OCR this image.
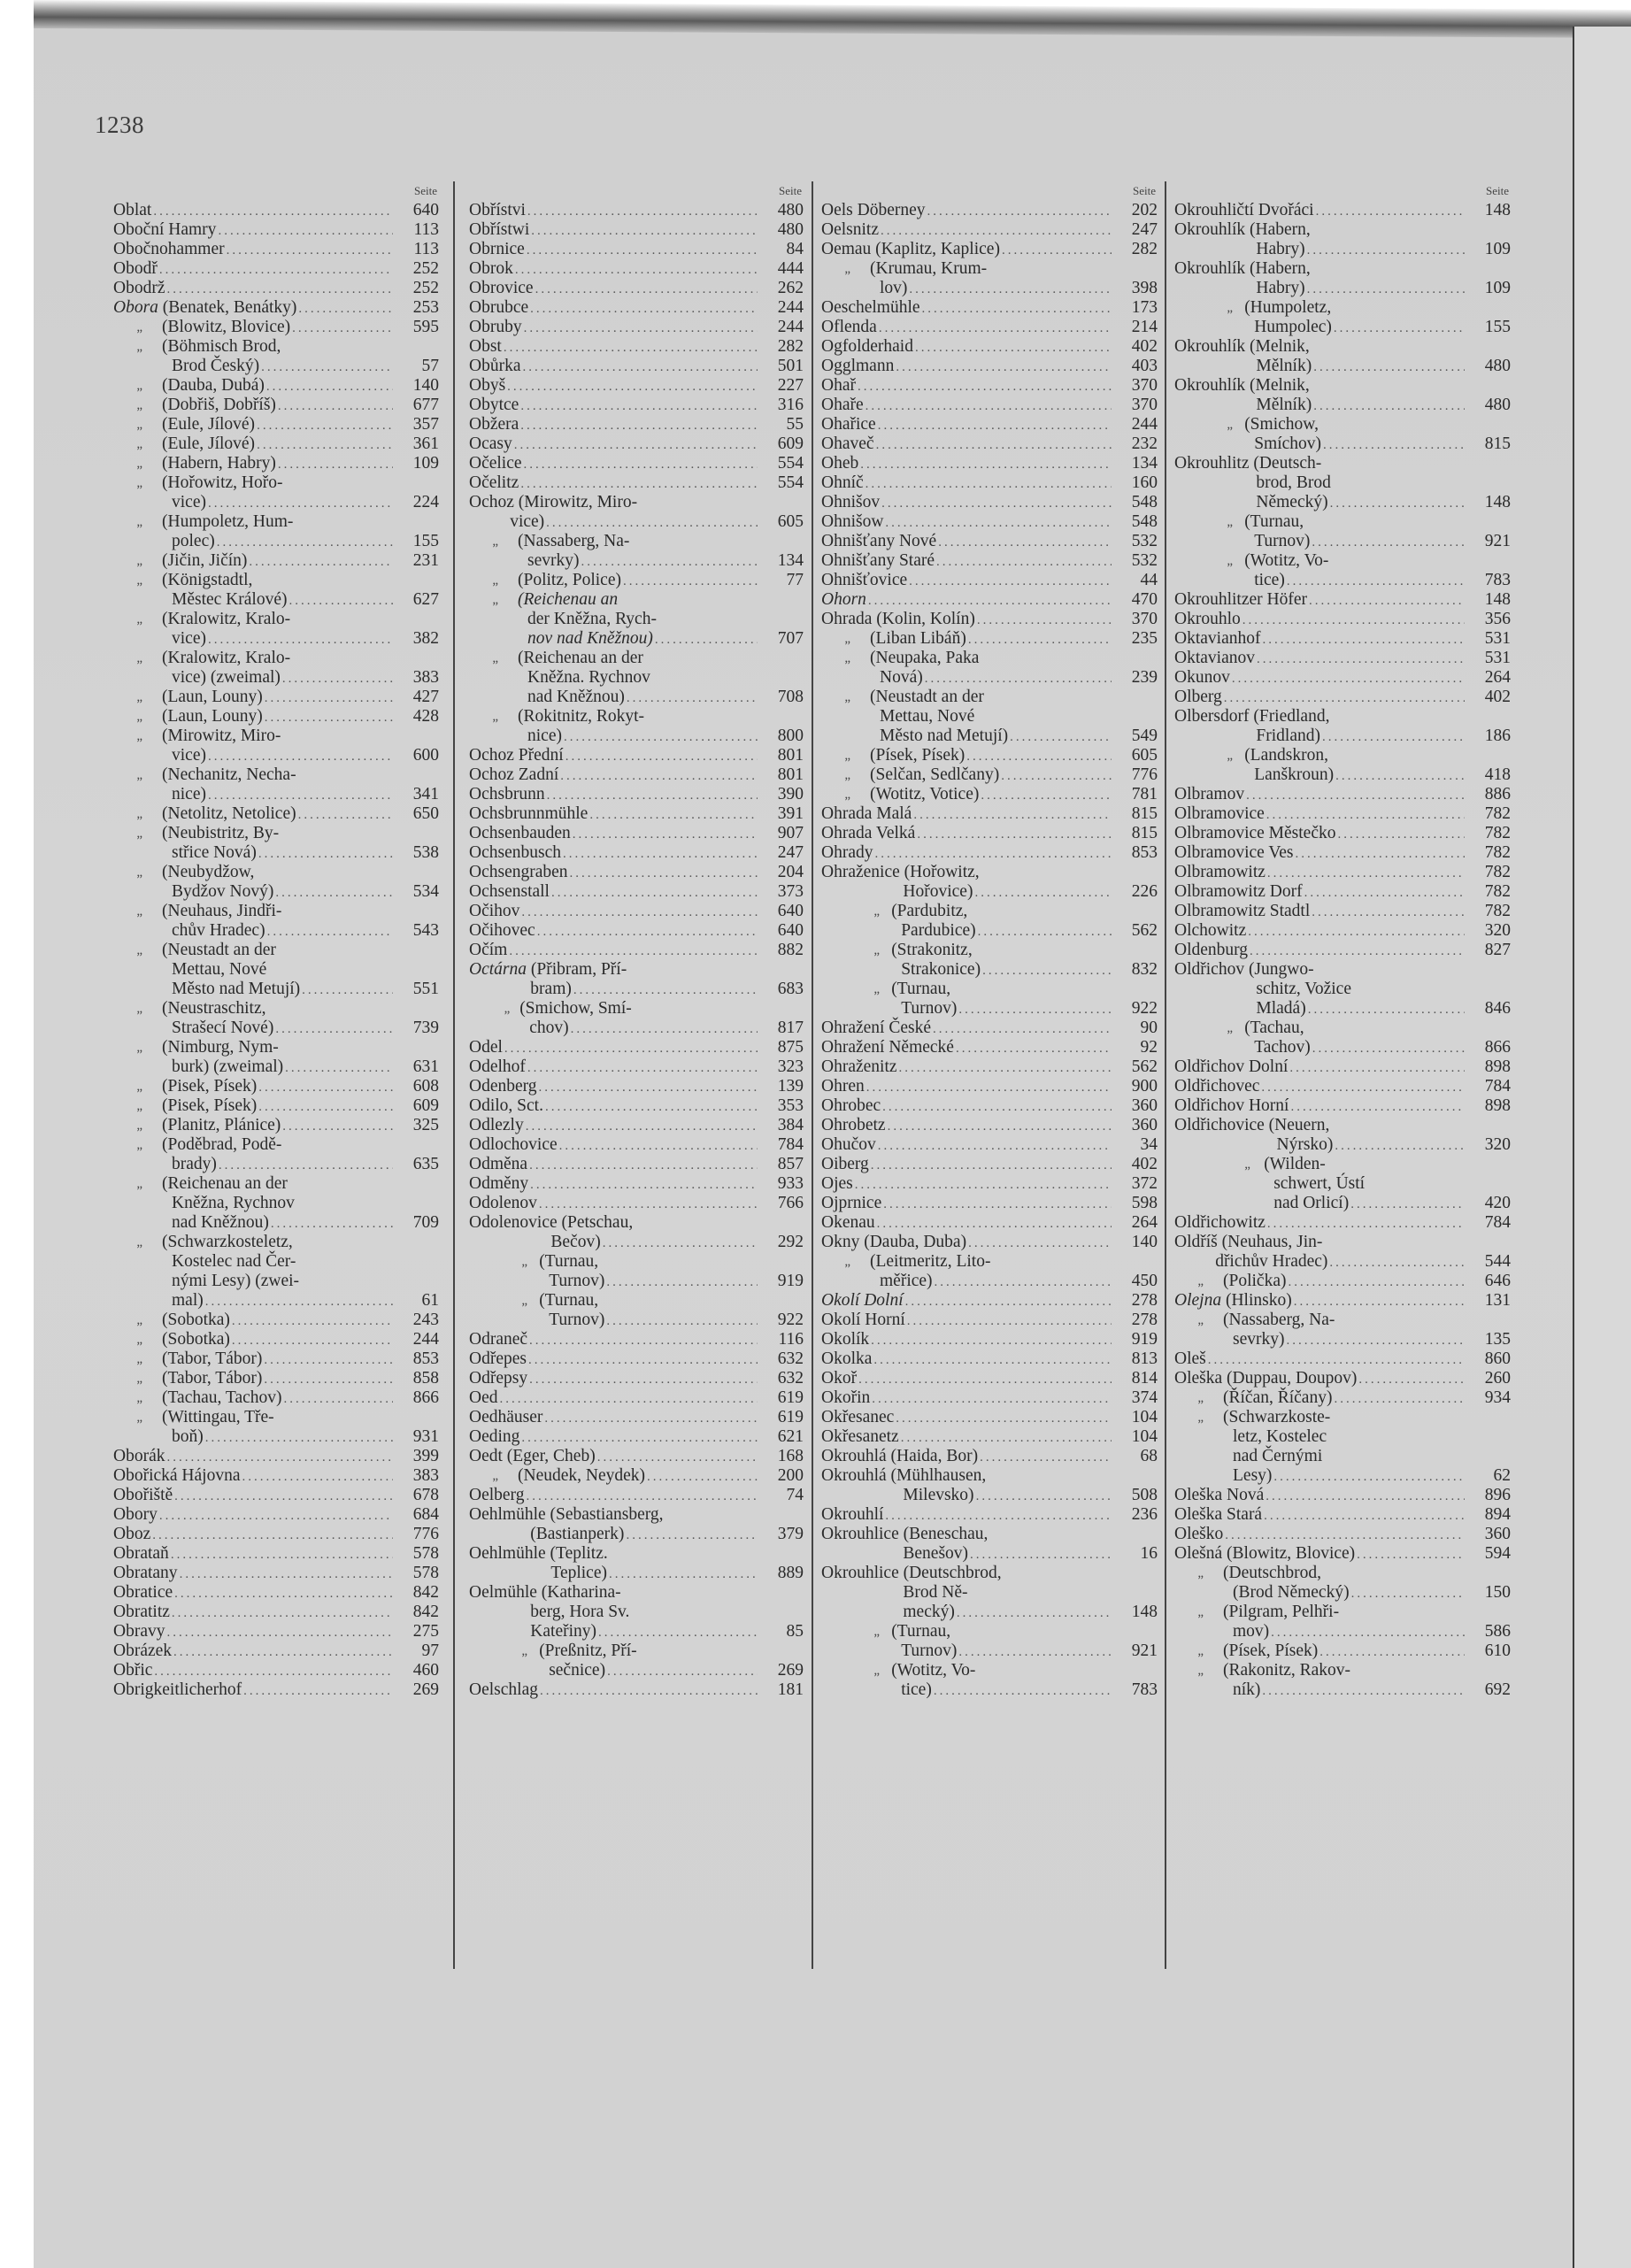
1238
Seite
Oblat .....	640
Oboční Hamry .....	113
Obočnohammer .....	113
Obodř .....	252
Obodrž .....	252
Obora (Benatek, Benátky) .....	253
„ (Blowitz, Blovice) .....	595
„ (Böhmisch Brod,
Brod Český) .....	57
„ (Dauba, Dubá) .....	140
„ (Dobřiš, Dobříš) .....	677
„ (Eule, Jílové) .....	357
„ (Eule, Jílové) .....	361
„ (Habern, Habry) .....	109
„ (Hořowitz, Hořo-
vice) .....	224
„ (Humpoletz, Hum-
polec) .....	155
„ (Jičin, Jičín) .....	231
„ (Königstadtl,
Městec Králové) .....	627
„ (Kralowitz, Kralo-
vice) .....	382
„ (Kralowitz, Kralo-
vice) (zweimal) .....	383
„ (Laun, Louny) .....	427
„ (Laun, Louny) .....	428
„ (Mirowitz, Miro-
vice) .....	600
„ (Nechanitz, Necha-
nice) .....	341
„ (Netolitz, Netolice) .....	650
„ (Neubistritz, By-
střice Nová) .....	538
„ (Neubydžow,
Bydžov Nový) .....	534
„ (Neuhaus, Jindři-
chův Hradec) .....	543
„ (Neustadt an der
Mettau, Nové
Město nad Metují) .....	551
„ (Neustraschitz,
Strašecí Nové) .....	739
„ (Nimburg, Nym-
burk) (zweimal) .....	631
„ (Pisek, Písek) .....	608
„ (Pisek, Písek) .....	609
„ (Planitz, Plánice) .....	325
„ (Poděbrad, Podě-
brady) .....	635
„ (Reichenau an der
Kněžna, Rychnov
nad Kněžnou) .....	709
„ (Schwarzkosteletz,
Kostelec nad Čer-
nými Lesy) (zwei-
mal) .....	61
„ (Sobotka) .....	243
„ (Sobotka) .....	244
„ (Tabor, Tábor) .....	853
„ (Tabor, Tábor) .....	858
„ (Tachau, Tachov) .....	866
„ (Wittingau, Tře-
boň) .....	931
Oborák .....	399
Obořická Hájovna .....	383
Obořiště .....	678
Obory .....	684
Oboz .....	776
Obrataň .....	578
Obratany .....	578
Obratice .....	842
Obratitz .....	842
Obravy .....	275
Obrázek .....	97
Obřic .....	460
Obrigkeitlicherhof .....	269
Seite
Obřístvi .....	480
Obřístwi .....	480
Obrnice .....	84
Obrok .....	444
Obrovice .....	262
Obrubce .....	244
Obruby .....	244
Obst .....	282
Obůrka .....	501
Obyš .....	227
Obytce .....	316
Obžera .....	55
Ocasy .....	609
Očelice .....	554
Očelitz .....	554
Ochoz (Mirowitz, Miro-
vice) .....	605
„ (Nassaberg, Na-
sevrky) .....	134
„ (Politz, Police) .....	77
„ (Reichenau an
der Kněžna, Rych-
nov nad Kněžnou) .....	707
„ (Reichenau an der
Kněžna. Rychnov
nad Kněžnou) .....	708
„ (Rokitnitz, Rokyt-
nice) .....	800
Ochoz Přední .....	801
Ochoz Zadní .....	801
Ochsbrunn .....	390
Ochsbrunnmühle .....	391
Ochsenbauden .....	907
Ochsenbusch .....	247
Ochsengraben .....	204
Ochsenstall .....	373
Očihov .....	640
Očihovec .....	640
Očím .....	882
Octárna (Přibram, Pří-
bram) .....	683
„ (Smichow, Smí-
chov) .....	817
Odel .....	875
Odelhof .....	323
Odenberg .....	139
Odilo, Sct. .....	353
Odlezly .....	384
Odlochovice .....	784
Odměna .....	857
Odměny .....	933
Odolenov .....	766
Odolenovice (Petschau,
Bečov) .....	292
„ (Turnau,
Turnov) .....	919
„ (Turnau,
Turnov) .....	922
Odraneč .....	116
Odřepes .....	632
Odřepsy .....	632
Oed .....	619
Oedhäuser .....	619
Oeding .....	621
Oedt (Eger, Cheb) .....	168
„ (Neudek, Neydek) .....	200
Oelberg .....	74
Oehlmühle (Sebastiansberg,
(Bastianperk) .....	379
Oehlmühle (Teplitz.
Teplice) .....	889
Oelmühle (Katharina-
berg, Hora Sv.
Kateřiny) .....	85
„ (Preßnitz, Pří-
sečnice) .....	269
Oelschlag .....	181
Seite
Oels Döberney .....	202
Oelsnitz .....	247
Oemau (Kaplitz, Kaplice) .....	282
„ (Krumau, Krum-
lov) .....	398
Oeschelmühle .....	173
Oflenda .....	214
Ogfolderhaid .....	402
Ogglmann .....	403
Ohař .....	370
Ohaře .....	370
Ohařice .....	244
Ohaveč .....	232
Oheb .....	134
Ohníč .....	160
Ohnišov .....	548
Ohnišow .....	548
Ohnišťany Nové .....	532
Ohnišťany Staré .....	532
Ohnišťovice .....	44
Ohorn .....	470
Ohrada (Kolin, Kolín) .....	370
„ (Liban Libáň) .....	235
„ (Neupaka, Paka
Nová) .....	239
„ (Neustadt an der
Mettau, Nové
Město nad Metují) .....	549
„ (Písek, Písek) .....	605
„ (Selčan, Sedlčany) .....	776
„ (Wotitz, Votice) .....	781
Ohrada Malá .....	815
Ohrada Velká .....	815
Ohrady .....	853
Ohraženice (Hořowitz,
Hořovice) .....	226
„ (Pardubitz,
Pardubice) .....	562
„ (Strakonitz,
Strakonice) .....	832
„ (Turnau,
Turnov) .....	922
Ohražení České .....	90
Ohražení Německé .....	92
Ohraženitz .....	562
Ohren .....	900
Ohrobec .....	360
Ohrobetz .....	360
Ohučov .....	34
Oiberg .....	402
Ojes .....	372
Ojprnice .....	598
Okenau .....	264
Okny (Dauba, Duba) .....	140
„ (Leitmeritz, Lito-
měřice) .....	450
Okolí Dolní .....	278
Okolí Horní .....	278
Okolík .....	919
Okolka .....	813
Okoř .....	814
Okořin .....	374
Okřesanec .....	104
Okřesanetz .....	104
Okrouhlá (Haida, Bor) .....	68
Okrouhlá (Mühlhausen,
Milevsko) .....	508
Okrouhlí .....	236
Okrouhlice (Beneschau,
Benešov) .....	16
Okrouhlice (Deutschbrod,
Brod Ně-
mecký) .....	148
„ (Turnau,
Turnov) .....	921
„ (Wotitz, Vo-
tice) .....	783
Seite
Okrouhličtí Dvořáci .....	148
Okrouhlík (Habern,
Habry) .....	109
Okrouhlík (Habern,
Habry) .....	109
„ (Humpoletz,
Humpolec) .....	155
Okrouhlík (Melnik,
Mělník) .....	480
Okrouhlík (Melnik,
Mělník) .....	480
„ (Smichow,
Smíchov) .....	815
Okrouhlitz (Deutsch-
brod, Brod
Německý) .....	148
„ (Turnau,
Turnov) .....	921
„ (Wotitz, Vo-
tice) .....	783
Okrouhlitzer Höfer .....	148
Okrouhlo .....	356
Oktavianhof .....	531
Oktavianov .....	531
Okunov .....	264
Olberg .....	402
Olbersdorf (Friedland,
Fridland) .....	186
„ (Landskron,
Lanškroun) .....	418
Olbramov .....	886
Olbramovice .....	782
Olbramovice Městečko .....	782
Olbramovice Ves .....	782
Olbramowitz .....	782
Olbramowitz Dorf .....	782
Olbramowitz Stadtl .....	782
Olchowitz .....	320
Oldenburg .....	827
Oldřichov (Jungwo-
schitz, Vožice
Mladá) .....	846
„ (Tachau,
Tachov) .....	866
Oldřichov Dolní .....	898
Oldřichovec .....	784
Oldřichov Horní .....	898
Oldřichovice (Neuern,
Nýrsko) .....	320
„ (Wilden-
schwert, Ústí
nad Orlicí) .....	420
Oldřichowitz .....	784
Oldříš (Neuhaus, Jin-
dřichův Hradec) .....	544
„ (Polička) .....	646
Olejna (Hlinsko) .....	131
„ (Nassaberg, Na-
sevrky) .....	135
Oleš .....	860
Oleška (Duppau, Doupov) .....	260
„ (Říčan, Říčany) .....	934
„ (Schwarzkoste-
letz, Kostelec
nad Černými
Lesy) .....	62
Oleška Nová .....	896
Oleška Stará .....	894
Oleško .....	360
Olešná (Blowitz, Blovice) .....	594
„ (Deutschbrod,
(Brod Německý) .....	150
„ (Pilgram, Pelhři-
mov) .....	586
„ (Písek, Písek) .....	610
„ (Rakonitz, Rakov-
ník) .....	692
